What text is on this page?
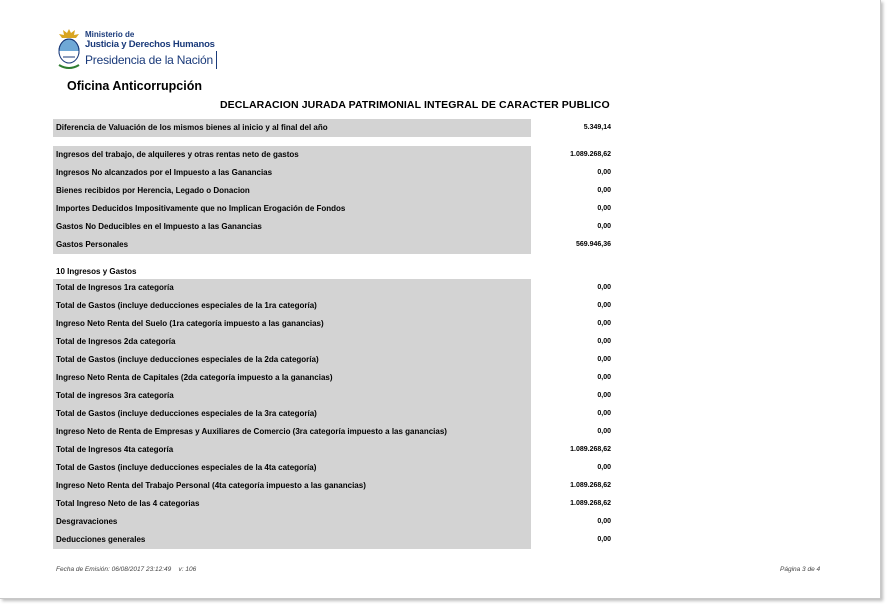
Ministerio de
Justicia y Derechos Humanos
Presidencia de la Nación
Oficina Anticorrupción
DECLARACION JURADA PATRIMONIAL INTEGRAL DE CARACTER PUBLICO
Diferencia de Valuación de los mismos bienes al inicio y al final del año	5.349,14
Ingresos del trabajo, de alquileres y otras rentas neto de gastos	1.089.268,62
Ingresos No alcanzados por el Impuesto a las Ganancias	0,00
Bienes recibidos por Herencia, Legado o Donacion	0,00
Importes Deducidos Impositivamente que no Implican Erogación de Fondos	0,00
Gastos No Deducibles en el Impuesto a las Ganancias	0,00
Gastos Personales	569.946,36
10 Ingresos y Gastos
Total de Ingresos 1ra categoría	0,00
Total de Gastos (incluye deducciones especiales de la 1ra categoría)	0,00
Ingreso Neto Renta del Suelo (1ra categoría impuesto a las ganancias)	0,00
Total de Ingresos 2da categoría	0,00
Total de Gastos (incluye deducciones especiales de la 2da categoría)	0,00
Ingreso Neto Renta de Capitales (2da categoría impuesto a la ganancias)	0,00
Total de ingresos 3ra categoría	0,00
Total de Gastos (incluye deducciones especiales de la 3ra categoría)	0,00
Ingreso Neto de Renta de Empresas y Auxiliares de Comercio (3ra categoría impuesto a las ganancias)	0,00
Total de Ingresos 4ta categoría	1.089.268,62
Total de Gastos (incluye deducciones especiales de la 4ta categoría)	0,00
Ingreso Neto Renta del Trabajo Personal (4ta categoría impuesto a las ganancias)	1.089.268,62
Total Ingreso Neto de las 4 categorias	1.089.268,62
Desgravaciones	0,00
Deducciones generales	0,00
Fecha de Emisión: 06/08/2017 23:12:49    v: 106	Página 3 de 4
